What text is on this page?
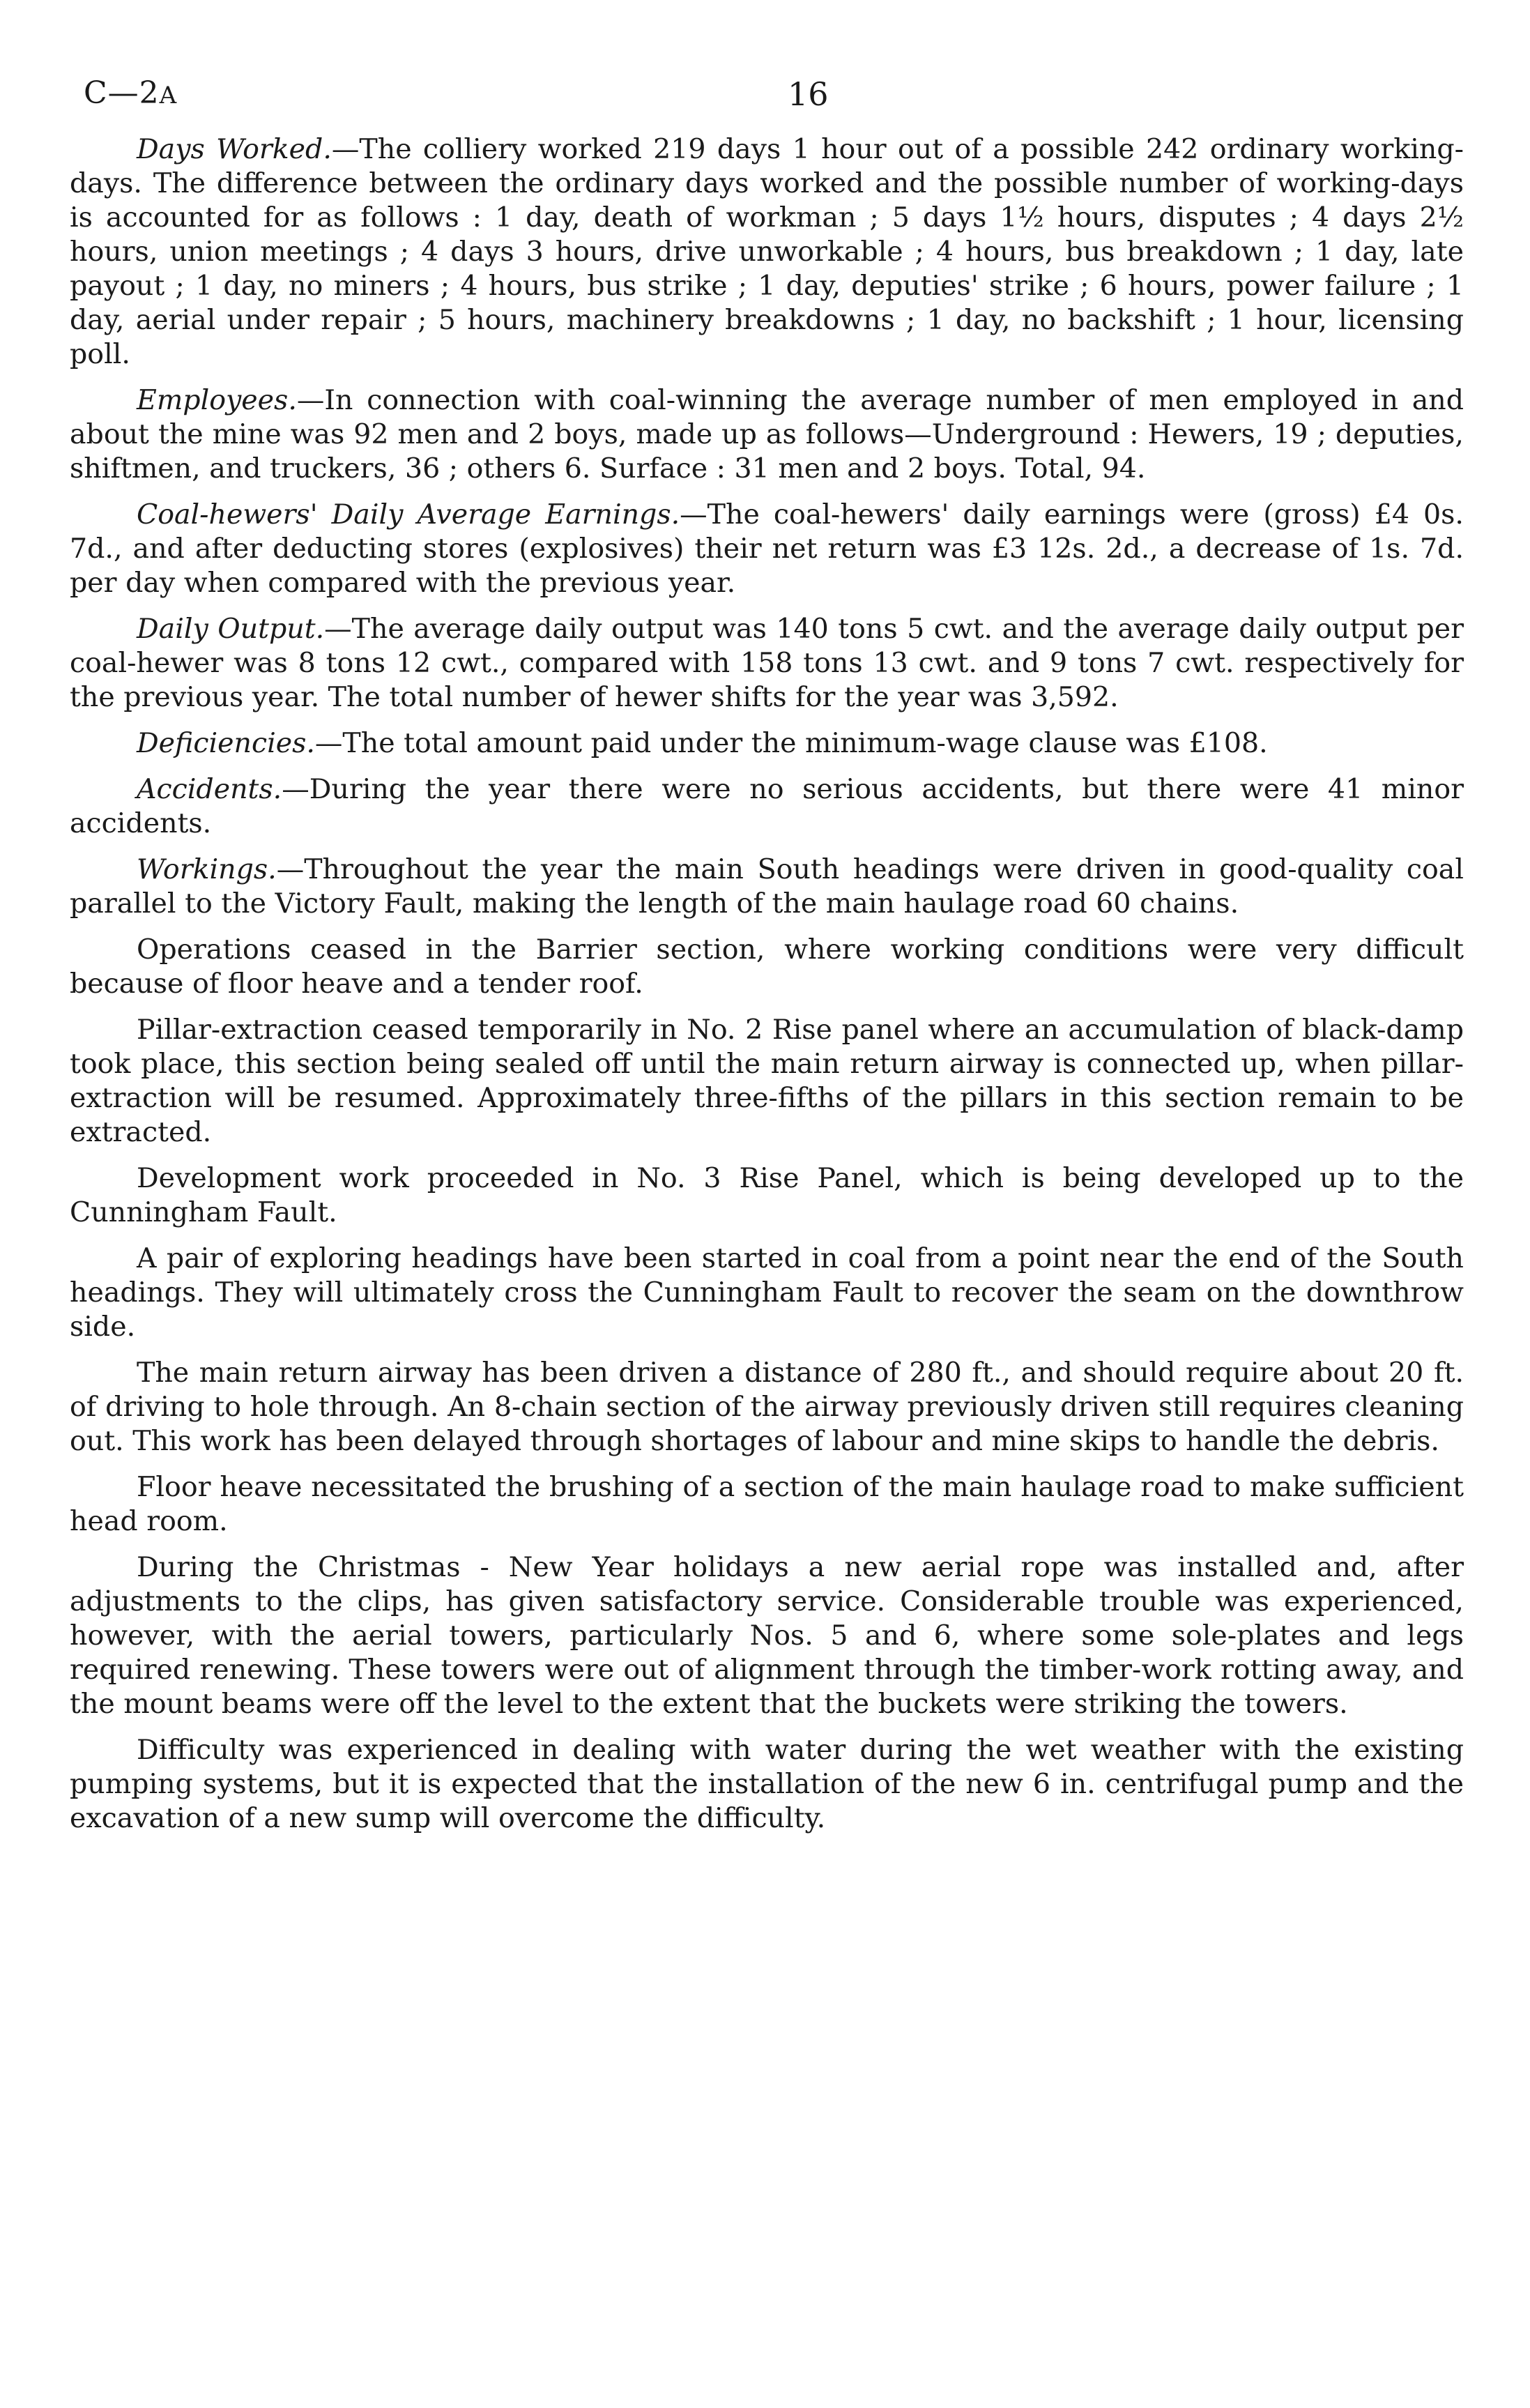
C—2A	16

Days Worked.—The colliery worked 219 days 1 hour out of a possible 242 ordinary working-days. The difference between the ordinary days worked and the possible number of working-days is accounted for as follows : 1 day, death of workman ; 5 days 1½ hours, disputes ; 4 days 2½ hours, union meetings ; 4 days 3 hours, drive unworkable ; 4 hours, bus breakdown ; 1 day, late payout ; 1 day, no miners ; 4 hours, bus strike ; 1 day, deputies' strike ; 6 hours, power failure ; 1 day, aerial under repair ; 5 hours, machinery breakdowns ; 1 day, no backshift ; 1 hour, licensing poll.

Employees.—In connection with coal-winning the average number of men employed in and about the mine was 92 men and 2 boys, made up as follows—Underground : Hewers, 19 ; deputies, shiftmen, and truckers, 36 ; others 6. Surface : 31 men and 2 boys. Total, 94.

Coal-hewers' Daily Average Earnings.—The coal-hewers' daily earnings were (gross) £4 0s. 7d., and after deducting stores (explosives) their net return was £3 12s. 2d., a decrease of 1s. 7d. per day when compared with the previous year.

Daily Output.—The average daily output was 140 tons 5 cwt. and the average daily output per coal-hewer was 8 tons 12 cwt., compared with 158 tons 13 cwt. and 9 tons 7 cwt. respectively for the previous year. The total number of hewer shifts for the year was 3,592.

Deficiencies.—The total amount paid under the minimum-wage clause was £108.

Accidents.—During the year there were no serious accidents, but there were 41 minor accidents.

Workings.—Throughout the year the main South headings were driven in good-quality coal parallel to the Victory Fault, making the length of the main haulage road 60 chains.

Operations ceased in the Barrier section, where working conditions were very difficult because of floor heave and a tender roof.

Pillar-extraction ceased temporarily in No. 2 Rise panel where an accumulation of black-damp took place, this section being sealed off until the main return airway is connected up, when pillar-extraction will be resumed. Approximately three-fifths of the pillars in this section remain to be extracted.

Development work proceeded in No. 3 Rise Panel, which is being developed up to the Cunningham Fault.

A pair of exploring headings have been started in coal from a point near the end of the South headings. They will ultimately cross the Cunningham Fault to recover the seam on the downthrow side.

The main return airway has been driven a distance of 280 ft., and should require about 20 ft. of driving to hole through. An 8-chain section of the airway previously driven still requires cleaning out. This work has been delayed through shortages of labour and mine skips to handle the debris.

Floor heave necessitated the brushing of a section of the main haulage road to make sufficient head room.

During the Christmas - New Year holidays a new aerial rope was installed and, after adjustments to the clips, has given satisfactory service. Considerable trouble was experienced, however, with the aerial towers, particularly Nos. 5 and 6, where some sole-plates and legs required renewing. These towers were out of alignment through the timber-work rotting away, and the mount beams were off the level to the extent that the buckets were striking the towers.

Difficulty was experienced in dealing with water during the wet weather with the existing pumping systems, but it is expected that the installation of the new 6 in. centrifugal pump and the excavation of a new sump will overcome the difficulty.
